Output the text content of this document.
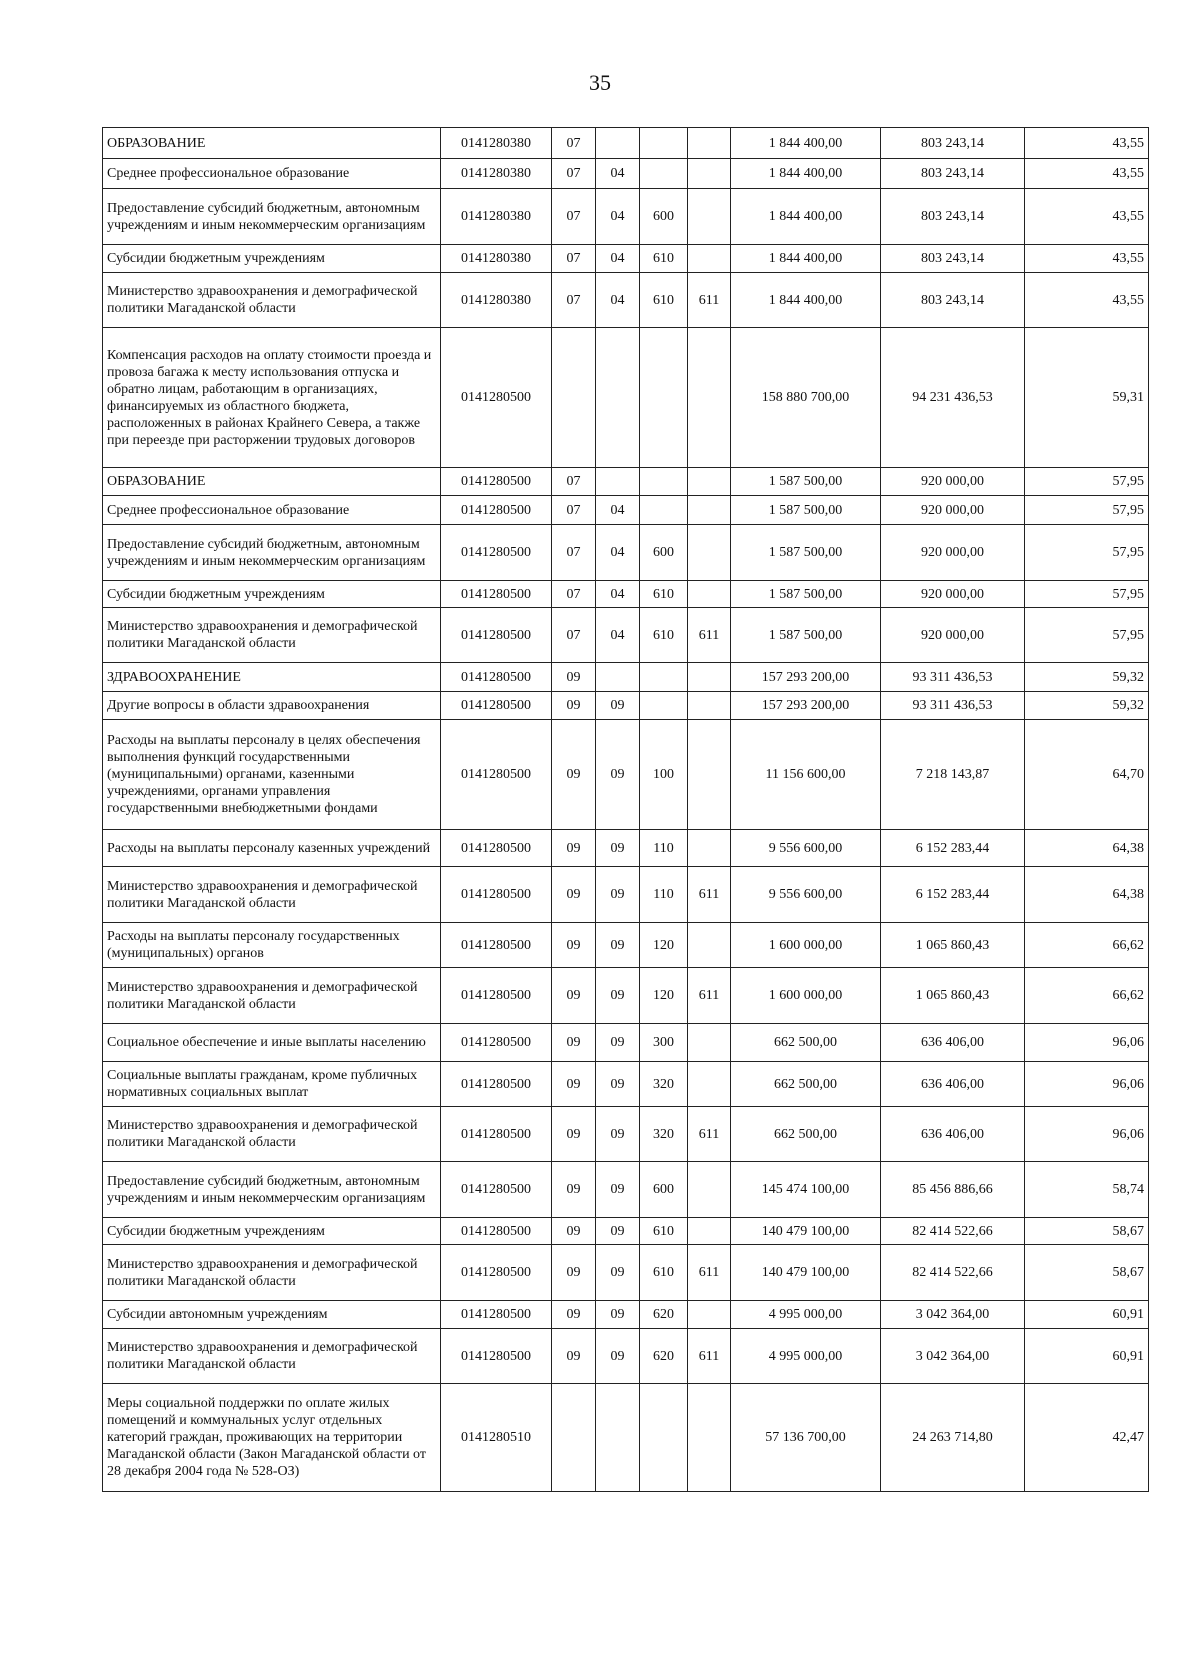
35
ОБРАЗОВАНИЕ	0141280380	07				1 844 400,00	803 243,14	43,55
Среднее профессиональное образование	0141280380	07	04			1 844 400,00	803 243,14	43,55
Предоставление субсидий бюджетным, автономным учреждениям и иным некоммерческим организациям	0141280380	07	04	600		1 844 400,00	803 243,14	43,55
Субсидии бюджетным учреждениям	0141280380	07	04	610		1 844 400,00	803 243,14	43,55
Министерство здравоохранения и демографической политики Магаданской области	0141280380	07	04	610	611	1 844 400,00	803 243,14	43,55
Компенсация расходов на оплату стоимости проезда и провоза багажа к месту использования отпуска и обратно лицам, работающим в организациях, финансируемых из областного бюджета, расположенных в районах Крайнего Севера, а также при переезде при расторжении трудовых договоров	0141280500					158 880 700,00	94 231 436,53	59,31
ОБРАЗОВАНИЕ	0141280500	07				1 587 500,00	920 000,00	57,95
Среднее профессиональное образование	0141280500	07	04			1 587 500,00	920 000,00	57,95
Предоставление субсидий бюджетным, автономным учреждениям и иным некоммерческим организациям	0141280500	07	04	600		1 587 500,00	920 000,00	57,95
Субсидии бюджетным учреждениям	0141280500	07	04	610		1 587 500,00	920 000,00	57,95
Министерство здравоохранения и демографической политики Магаданской области	0141280500	07	04	610	611	1 587 500,00	920 000,00	57,95
ЗДРАВООХРАНЕНИЕ	0141280500	09				157 293 200,00	93 311 436,53	59,32
Другие вопросы в области здравоохранения	0141280500	09	09			157 293 200,00	93 311 436,53	59,32
Расходы на выплаты персоналу в целях обеспечения выполнения функций государственными (муниципальными) органами, казенными учреждениями, органами управления государственными внебюджетными фондами	0141280500	09	09	100		11 156 600,00	7 218 143,87	64,70
Расходы на выплаты персоналу казенных учреждений	0141280500	09	09	110		9 556 600,00	6 152 283,44	64,38
Министерство здравоохранения и демографической политики Магаданской области	0141280500	09	09	110	611	9 556 600,00	6 152 283,44	64,38
Расходы на выплаты персоналу государственных (муниципальных) органов	0141280500	09	09	120		1 600 000,00	1 065 860,43	66,62
Министерство здравоохранения и демографической политики Магаданской области	0141280500	09	09	120	611	1 600 000,00	1 065 860,43	66,62
Социальное обеспечение и иные выплаты населению	0141280500	09	09	300		662 500,00	636 406,00	96,06
Социальные выплаты гражданам, кроме публичных нормативных социальных выплат	0141280500	09	09	320		662 500,00	636 406,00	96,06
Министерство здравоохранения и демографической политики Магаданской области	0141280500	09	09	320	611	662 500,00	636 406,00	96,06
Предоставление субсидий бюджетным, автономным учреждениям и иным некоммерческим организациям	0141280500	09	09	600		145 474 100,00	85 456 886,66	58,74
Субсидии бюджетным учреждениям	0141280500	09	09	610		140 479 100,00	82 414 522,66	58,67
Министерство здравоохранения и демографической политики Магаданской области	0141280500	09	09	610	611	140 479 100,00	82 414 522,66	58,67
Субсидии автономным учреждениям	0141280500	09	09	620		4 995 000,00	3 042 364,00	60,91
Министерство здравоохранения и демографической политики Магаданской области	0141280500	09	09	620	611	4 995 000,00	3 042 364,00	60,91
Меры социальной поддержки по оплате жилых помещений и коммунальных услуг отдельных категорий граждан, проживающих на территории Магаданской области (Закон Магаданской области от 28 декабря 2004 года № 528-ОЗ)	0141280510					57 136 700,00	24 263 714,80	42,47
